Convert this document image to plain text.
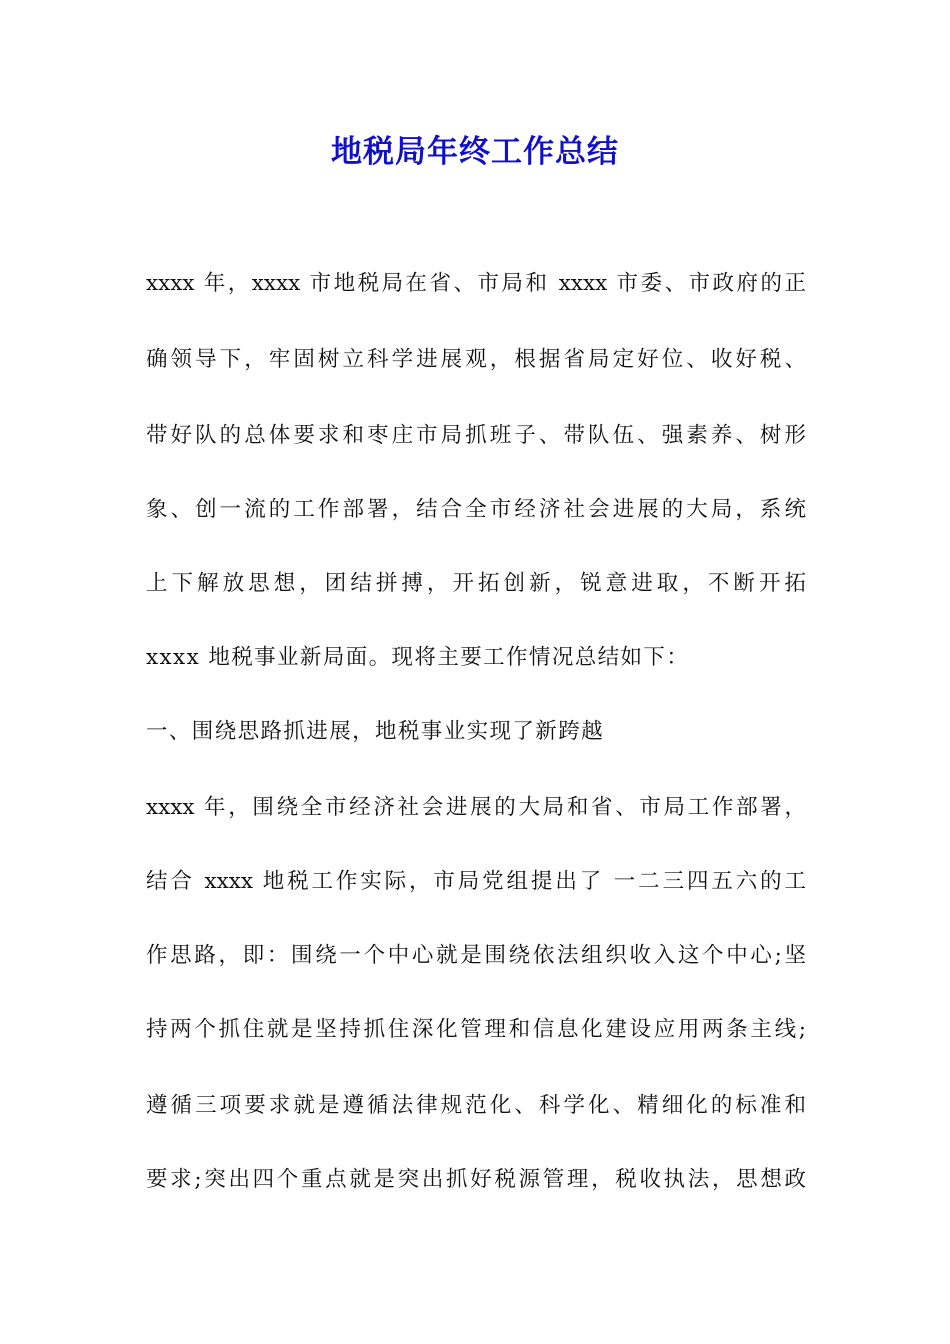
地税局年终工作总结
xxxx 年，xxxx 市地税局在省、市局和 xxxx 市委、市政府的正
确领导下，牢固树立科学进展观，根据省局定好位、收好税、
带好队的总体要求和枣庄市局抓班子、带队伍、强素养、树形
象、创一流的工作部署，结合全市经济社会进展的大局，系统
上下解放思想，团结拼搏，开拓创新，锐意进取，不断开拓
xxxx 地税事业新局面。现将主要工作情况总结如下：
一、围绕思路抓进展，地税事业实现了新跨越
xxxx 年，围绕全市经济社会进展的大局和省、市局工作部署，
结合 xxxx 地税工作实际，市局党组提出了 一二三四五六的工
作思路，即：围绕一个中心就是围绕依法组织收入这个中心;坚
持两个抓住就是坚持抓住深化管理和信息化建设应用两条主线;
遵循三项要求就是遵循法律规范化、科学化、精细化的标准和
要求;突出四个重点就是突出抓好税源管理，税收执法，思想政
